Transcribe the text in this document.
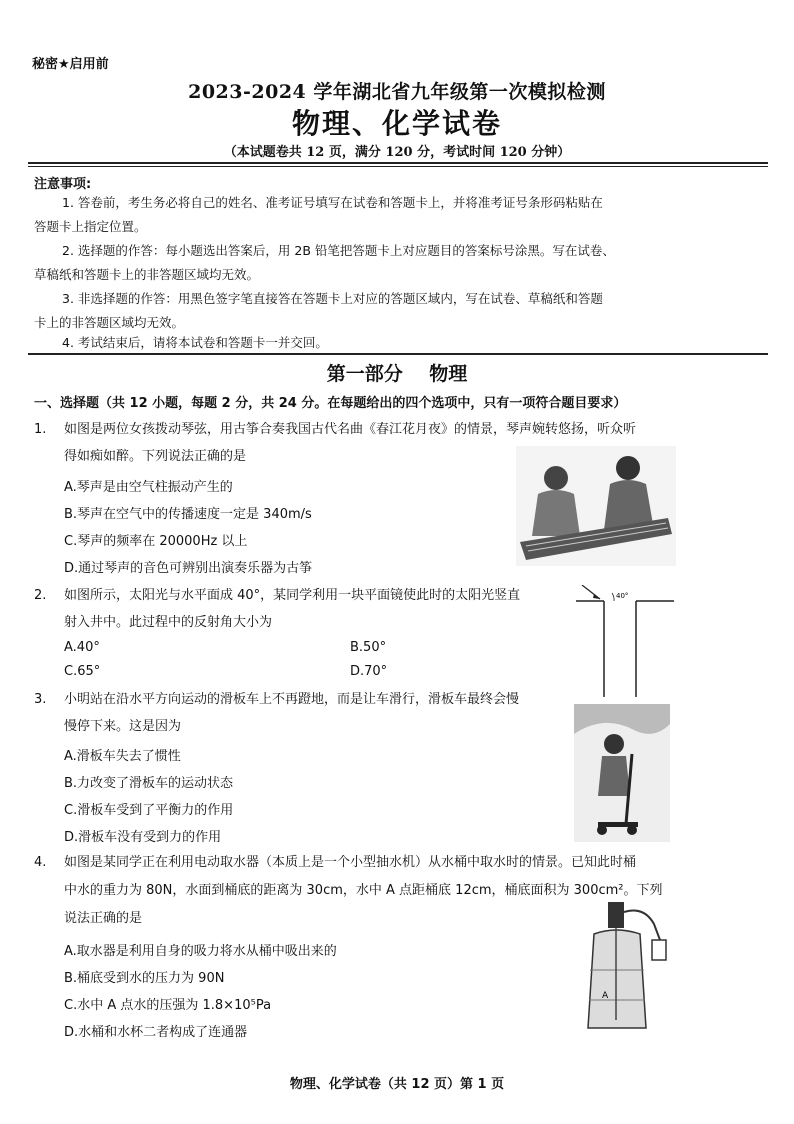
秘密★启用前
2023-2024 学年湖北省九年级第一次模拟检测
物理、化学试卷
（本试题卷共 12 页，满分 120 分，考试时间 120 分钟）
注意事项:
1. 答卷前，考生务必将自己的姓名、准考证号填写在试卷和答题卡上，并将准考证号条形码粘贴在
答题卡上指定位置。
2. 选择题的作答：每小题选出答案后，用 2B 铅笔把答题卡上对应题目的答案标号涂黑。写在试卷、
草稿纸和答题卡上的非答题区域均无效。
3. 非选择题的作答：用黑色签字笔直接答在答题卡上对应的答题区域内，写在试卷、草稿纸和答题
卡上的非答题区域均无效。
4. 考试结束后，请将本试卷和答题卡一并交回。
第一部分 物理
一、选择题（共 12 小题，每题 2 分，共 24 分。在每题给出的四个选项中，只有一项符合题目要求）
1. 如图是两位女孩拨动琴弦，用古筝合奏我国古代名曲《春江花月夜》的情景，琴声婉转悠扬，听众听
得如痴如醉。下列说法正确的是
A.琴声是由空气柱振动产生的
B.琴声在空气中的传播速度一定是 340m/s
C.琴声的频率在 20000Hz 以上
D.通过琴声的音色可辨别出演奏乐器为古筝
2. 如图所示，太阳光与水平面成 40°，某同学利用一块平面镜使此时的太阳光竖直
射入井中。此过程中的反射角大小为
A.40°	B.50°
C.65°	D.70°
40°
3. 小明站在沿水平方向运动的滑板车上不再蹬地，而是让车滑行，滑板车最终会慢
慢停下来。这是因为
A.滑板车失去了惯性
B.力改变了滑板车的运动状态
C.滑板车受到了平衡力的作用
D.滑板车没有受到力的作用
4. 如图是某同学正在利用电动取水器（本质上是一个小型抽水机）从水桶中取水时的情景。已知此时桶
中水的重力为 80N，水面到桶底的距离为 30cm，水中 A 点距桶底 12cm，桶底面积为 300cm²。下列
说法正确的是
A.取水器是利用自身的吸力将水从桶中吸出来的
B.桶底受到水的压力为 90N
C.水中 A 点水的压强为 1.8×10⁵Pa
D.水桶和水杯二者构成了连通器
A
物理、化学试卷（共 12 页）第 1 页
